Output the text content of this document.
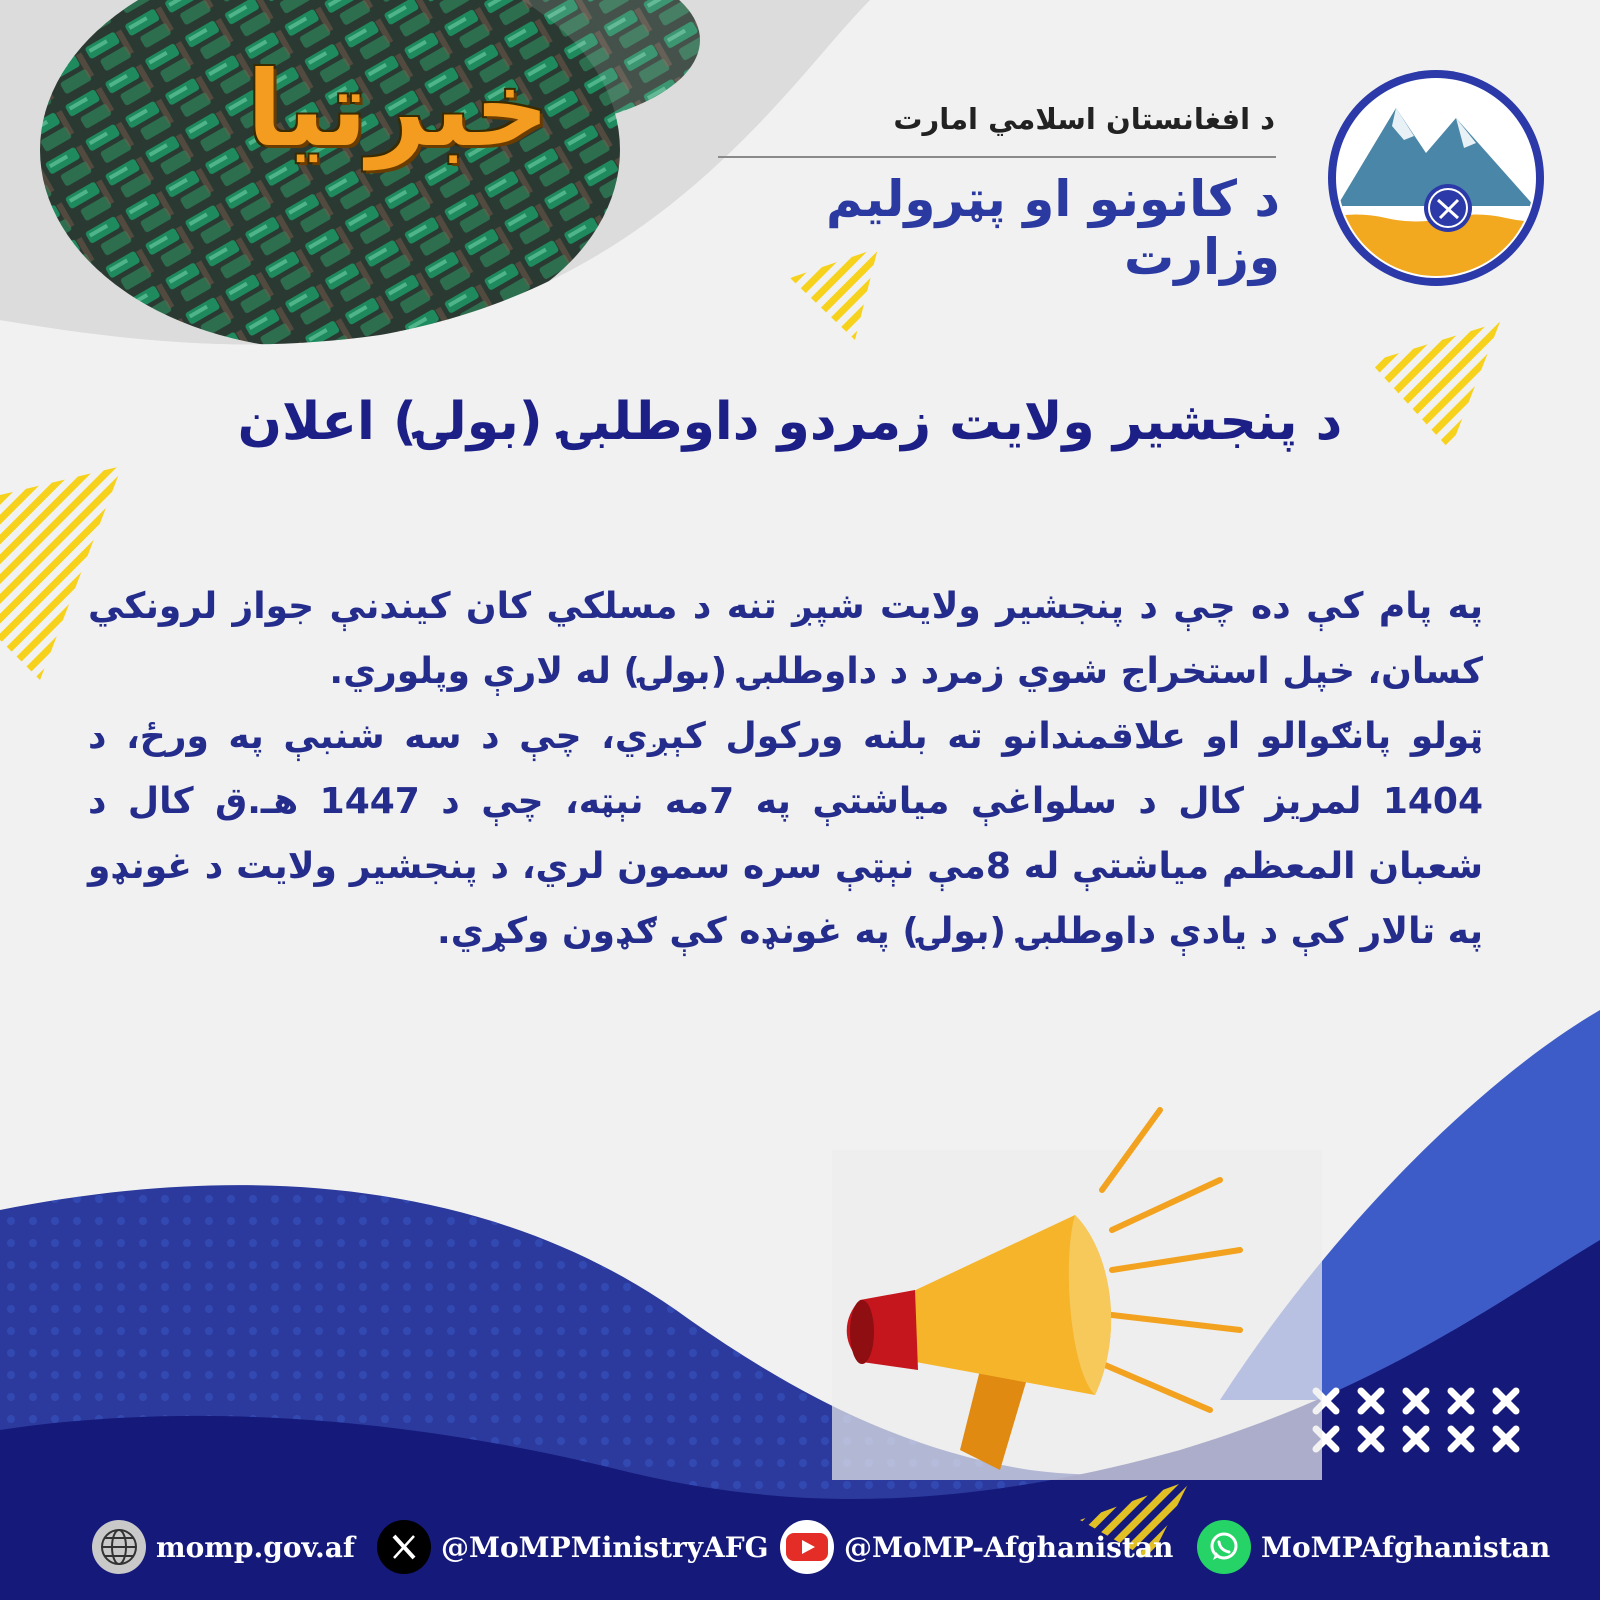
خبرتیا	د افغانستان اسلامي امارت
د کانونو او پټرولیم وزارت
د پنجشیر ولایت زمردو داوطلبۍ (بولۍ) اعلان

په پام کې ده چې د پنجشیر ولایت شپږ تنه د مسلکي کان کیندنې جواز لرونکي کسان، خپل استخراج شوي زمرد د داوطلبۍ (بولۍ) له لارې وپلوري.

ټولو پانګوالو او علاقمندانو ته بلنه ورکول کېږي، چې د سه شنبې په ورځ، د 1404 لمریز کال د سلواغې میاشتې په 7مه نېټه، چې د 1447 هـ.ق کال د شعبان المعظم میاشتې له 8مې نېټې سره سمون لري، د پنجشیر ولایت د غونډو په تالار کې د یادې داوطلبۍ (بولۍ) په غونډه کې ګډون وکړي.

momp.gov.af	@MoMPMinistryAFG	@MoMP-Afghanistan	MoMPAfghanistan
